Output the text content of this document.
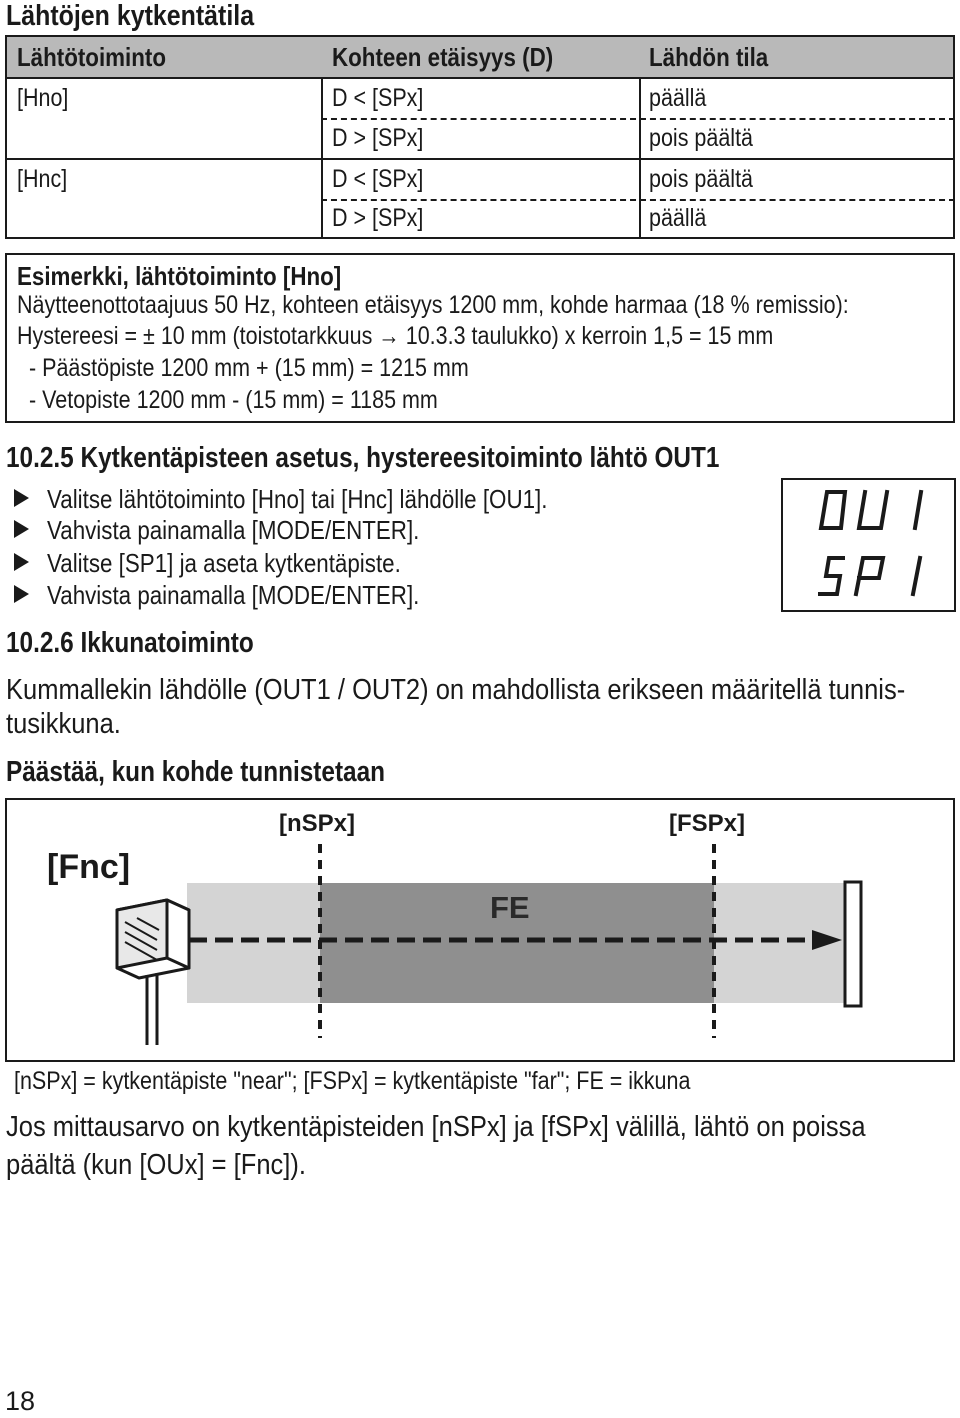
Lähtöjen kytkentätila
Lähtötoiminto	Kohteen etäisyys (D)	Lähdön tila
[Hno]	D < [SPx]	päällä
D > [SPx]	pois päältä
[Hnc]	D < [SPx]	pois päältä
D > [SPx]	päällä
Esimerkki, lähtötoiminto [Hno]
Näytteenottotaajuus 50 Hz, kohteen etäisyys 1200 mm, kohde harmaa (18 % remissio):
Hystereesi = ± 10 mm (toistotarkkuus → 10.3.3 taulukko) x kerroin 1,5 = 15 mm
- Päästöpiste 1200 mm + (15 mm) = 1215 mm
- Vetopiste 1200 mm - (15 mm) = 1185 mm
10.2.5 Kytkentäpisteen asetus, hystereesitoiminto lähtö OUT1
Valitse lähtötoiminto [Hno] tai [Hnc] lähdölle [OU1].
Vahvista painamalla [MODE/ENTER].
Valitse [SP1] ja aseta kytkentäpiste.
Vahvista painamalla [MODE/ENTER].
10.2.6 Ikkunatoiminto
Kummallekin lähdölle (OUT1 / OUT2) on mahdollista erikseen määritellä tunnis-
tusikkuna.
Päästää, kun kohde tunnistetaan
[Fnc]
[nSPx]	[FSPx]
FE
[nSPx] = kytkentäpiste "near"; [FSPx] = kytkentäpiste "far"; FE = ikkuna
Jos mittausarvo on kytkentäpisteiden [nSPx] ja [fSPx] välillä, lähtö on poissa
päältä (kun [OUx] = [Fnc]).
18
